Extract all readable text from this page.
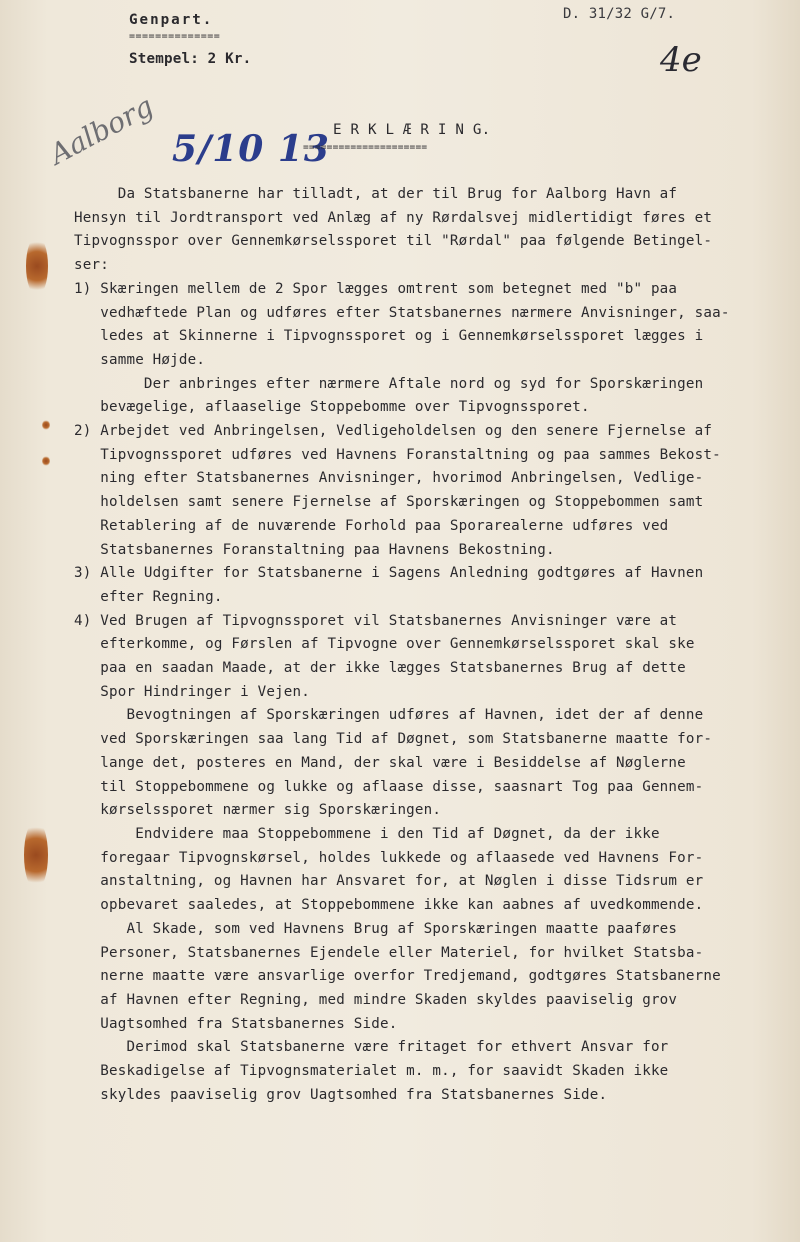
Genpart.
==============
Stempel: 2 Kr.
D. 31/32 G/7.
4e
Aalborg 5/10 13 E R K L Æ R I N G.
=====================
Da Statsbanerne har tilladt, at der til Brug for Aalborg Havn af
Hensyn til Jordtransport ved Anlæg af ny Rørdalsvej midlertidigt føres et
Tipvognsspor over Gennemkørselssporet til "Rørdal" paa følgende Betingel-
ser:
1) Skæringen mellem de 2 Spor lægges omtrent som betegnet med "b" paa
vedhæftede Plan og udføres efter Statsbanernes nærmere Anvisninger, saa-
ledes at Skinnerne i Tipvognssporet og i Gennemkørselssporet lægges i
samme Højde.
Der anbringes efter nærmere Aftale nord og syd for Sporskæringen
bevægelige, aflaaselige Stoppebomme over Tipvognssporet.
2) Arbejdet ved Anbringelsen, Vedligeholdelsen og den senere Fjernelse af
Tipvognssporet udføres ved Havnens Foranstaltning og paa sammes Bekost-
ning efter Statsbanernes Anvisninger, hvorimod Anbringelsen, Vedlige-
holdelsen samt senere Fjernelse af Sporskæringen og Stoppebommen samt
Retablering af de nuværende Forhold paa Sporarealerne udføres ved
Statsbanernes Foranstaltning paa Havnens Bekostning.
3) Alle Udgifter for Statsbanerne i Sagens Anledning godtgøres af Havnen
efter Regning.
4) Ved Brugen af Tipvognssporet vil Statsbanernes Anvisninger være at
efterkomme, og Førslen af Tipvogne over Gennemkørselssporet skal ske
paa en saadan Maade, at der ikke lægges Statsbanernes Brug af dette
Spor Hindringer i Vejen.
Bevogtningen af Sporskæringen udføres af Havnen, idet der af denne
ved Sporskæringen saa lang Tid af Døgnet, som Statsbanerne maatte for-
lange det, posteres en Mand, der skal være i Besiddelse af Nøglerne
til Stoppebommene og lukke og aflaase disse, saasnart Tog paa Gennem-
kørselssporet nærmer sig Sporskæringen.
Endvidere maa Stoppebommene i den Tid af Døgnet, da der ikke
foregaar Tipvognskørsel, holdes lukkede og aflaasede ved Havnens For-
anstaltning, og Havnen har Ansvaret for, at Nøglen i disse Tidsrum er
opbevaret saaledes, at Stoppebommene ikke kan aabnes af uvedkommende.
Al Skade, som ved Havnens Brug af Sporskæringen maatte paaføres
Personer, Statsbanernes Ejendele eller Materiel, for hvilket Statsba-
nerne maatte være ansvarlige overfor Tredjemand, godtgøres Statsbanerne
af Havnen efter Regning, med mindre Skaden skyldes paaviselig grov
Uagtsomhed fra Statsbanernes Side.
Derimod skal Statsbanerne være fritaget for ethvert Ansvar for
Beskadigelse af Tipvognsmaterialet m. m., for saavidt Skaden ikke
skyldes paaviselig grov Uagtsomhed fra Statsbanernes Side.
